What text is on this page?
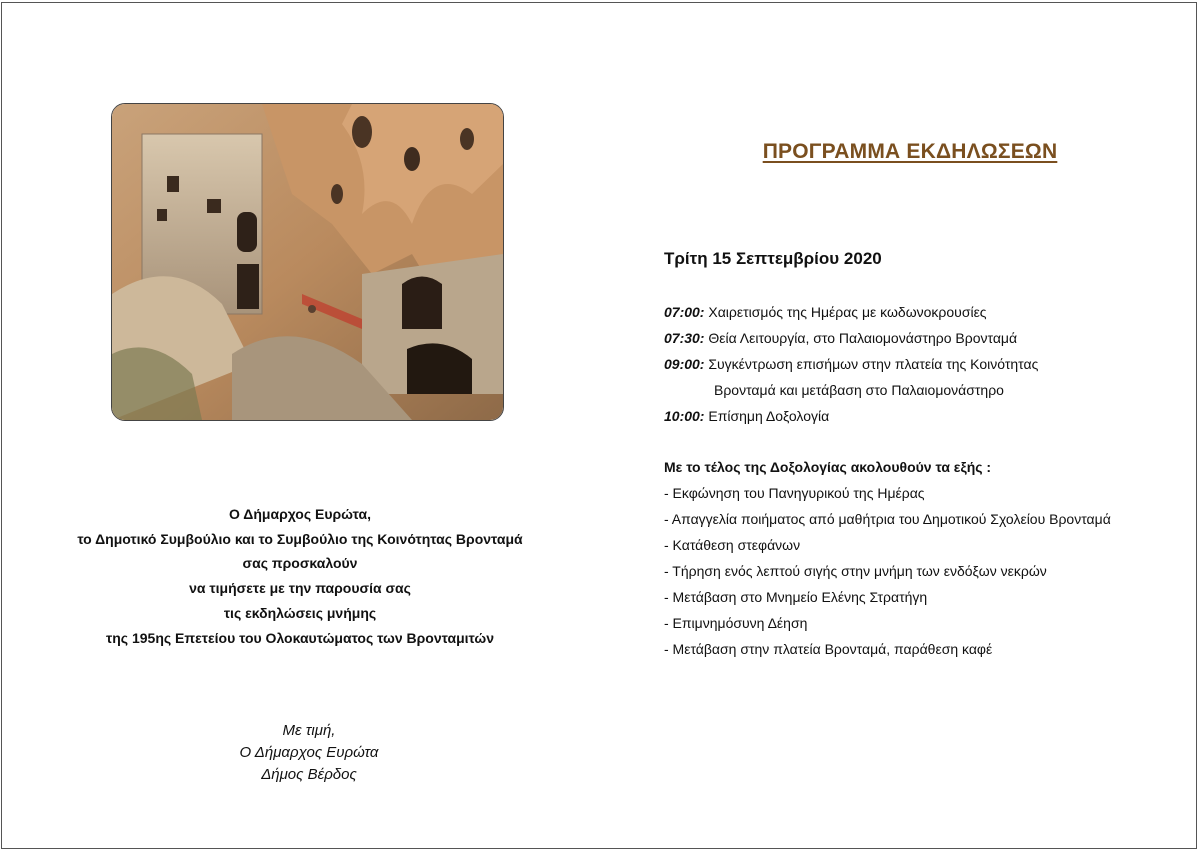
Ο Δήμαρχος Ευρώτα,
το Δημοτικό Συμβούλιο και το Συμβούλιο της Κοινότητας Βρονταμά
σας προσκαλούν
να τιμήσετε με την παρουσία σας
τις εκδηλώσεις μνήμης
της 195ης Επετείου του Ολοκαυτώματος των Βρονταμιτών
Με τιμή,
Ο Δήμαρχος Ευρώτα
Δήμος Βέρδος
ΠΡΟΓΡΑΜΜΑ ΕΚΔΗΛΩΣΕΩΝ
Τρίτη 15 Σεπτεμβρίου 2020
07:00: Χαιρετισμός της Ημέρας με κωδωνοκρουσίες
07:30: Θεία Λειτουργία, στο Παλαιομονάστηρο Βρονταμά
09:00: Συγκέντρωση επισήμων στην πλατεία της Κοινότητας
Βρονταμά και μετάβαση στο Παλαιομονάστηρο
10:00: Επίσημη Δοξολογία
Με το τέλος της Δοξολογίας ακολουθούν τα εξής :
- Εκφώνηση του Πανηγυρικού της Ημέρας
- Απαγγελία ποιήματος από μαθήτρια του Δημοτικού Σχολείου Βρονταμά
- Κατάθεση στεφάνων
- Τήρηση ενός λεπτού σιγής στην μνήμη των ενδόξων νεκρών
- Μετάβαση στο Μνημείο Ελένης Στρατήγη
- Επιμνημόσυνη Δέηση
- Μετάβαση στην πλατεία Βρονταμά, παράθεση καφέ
